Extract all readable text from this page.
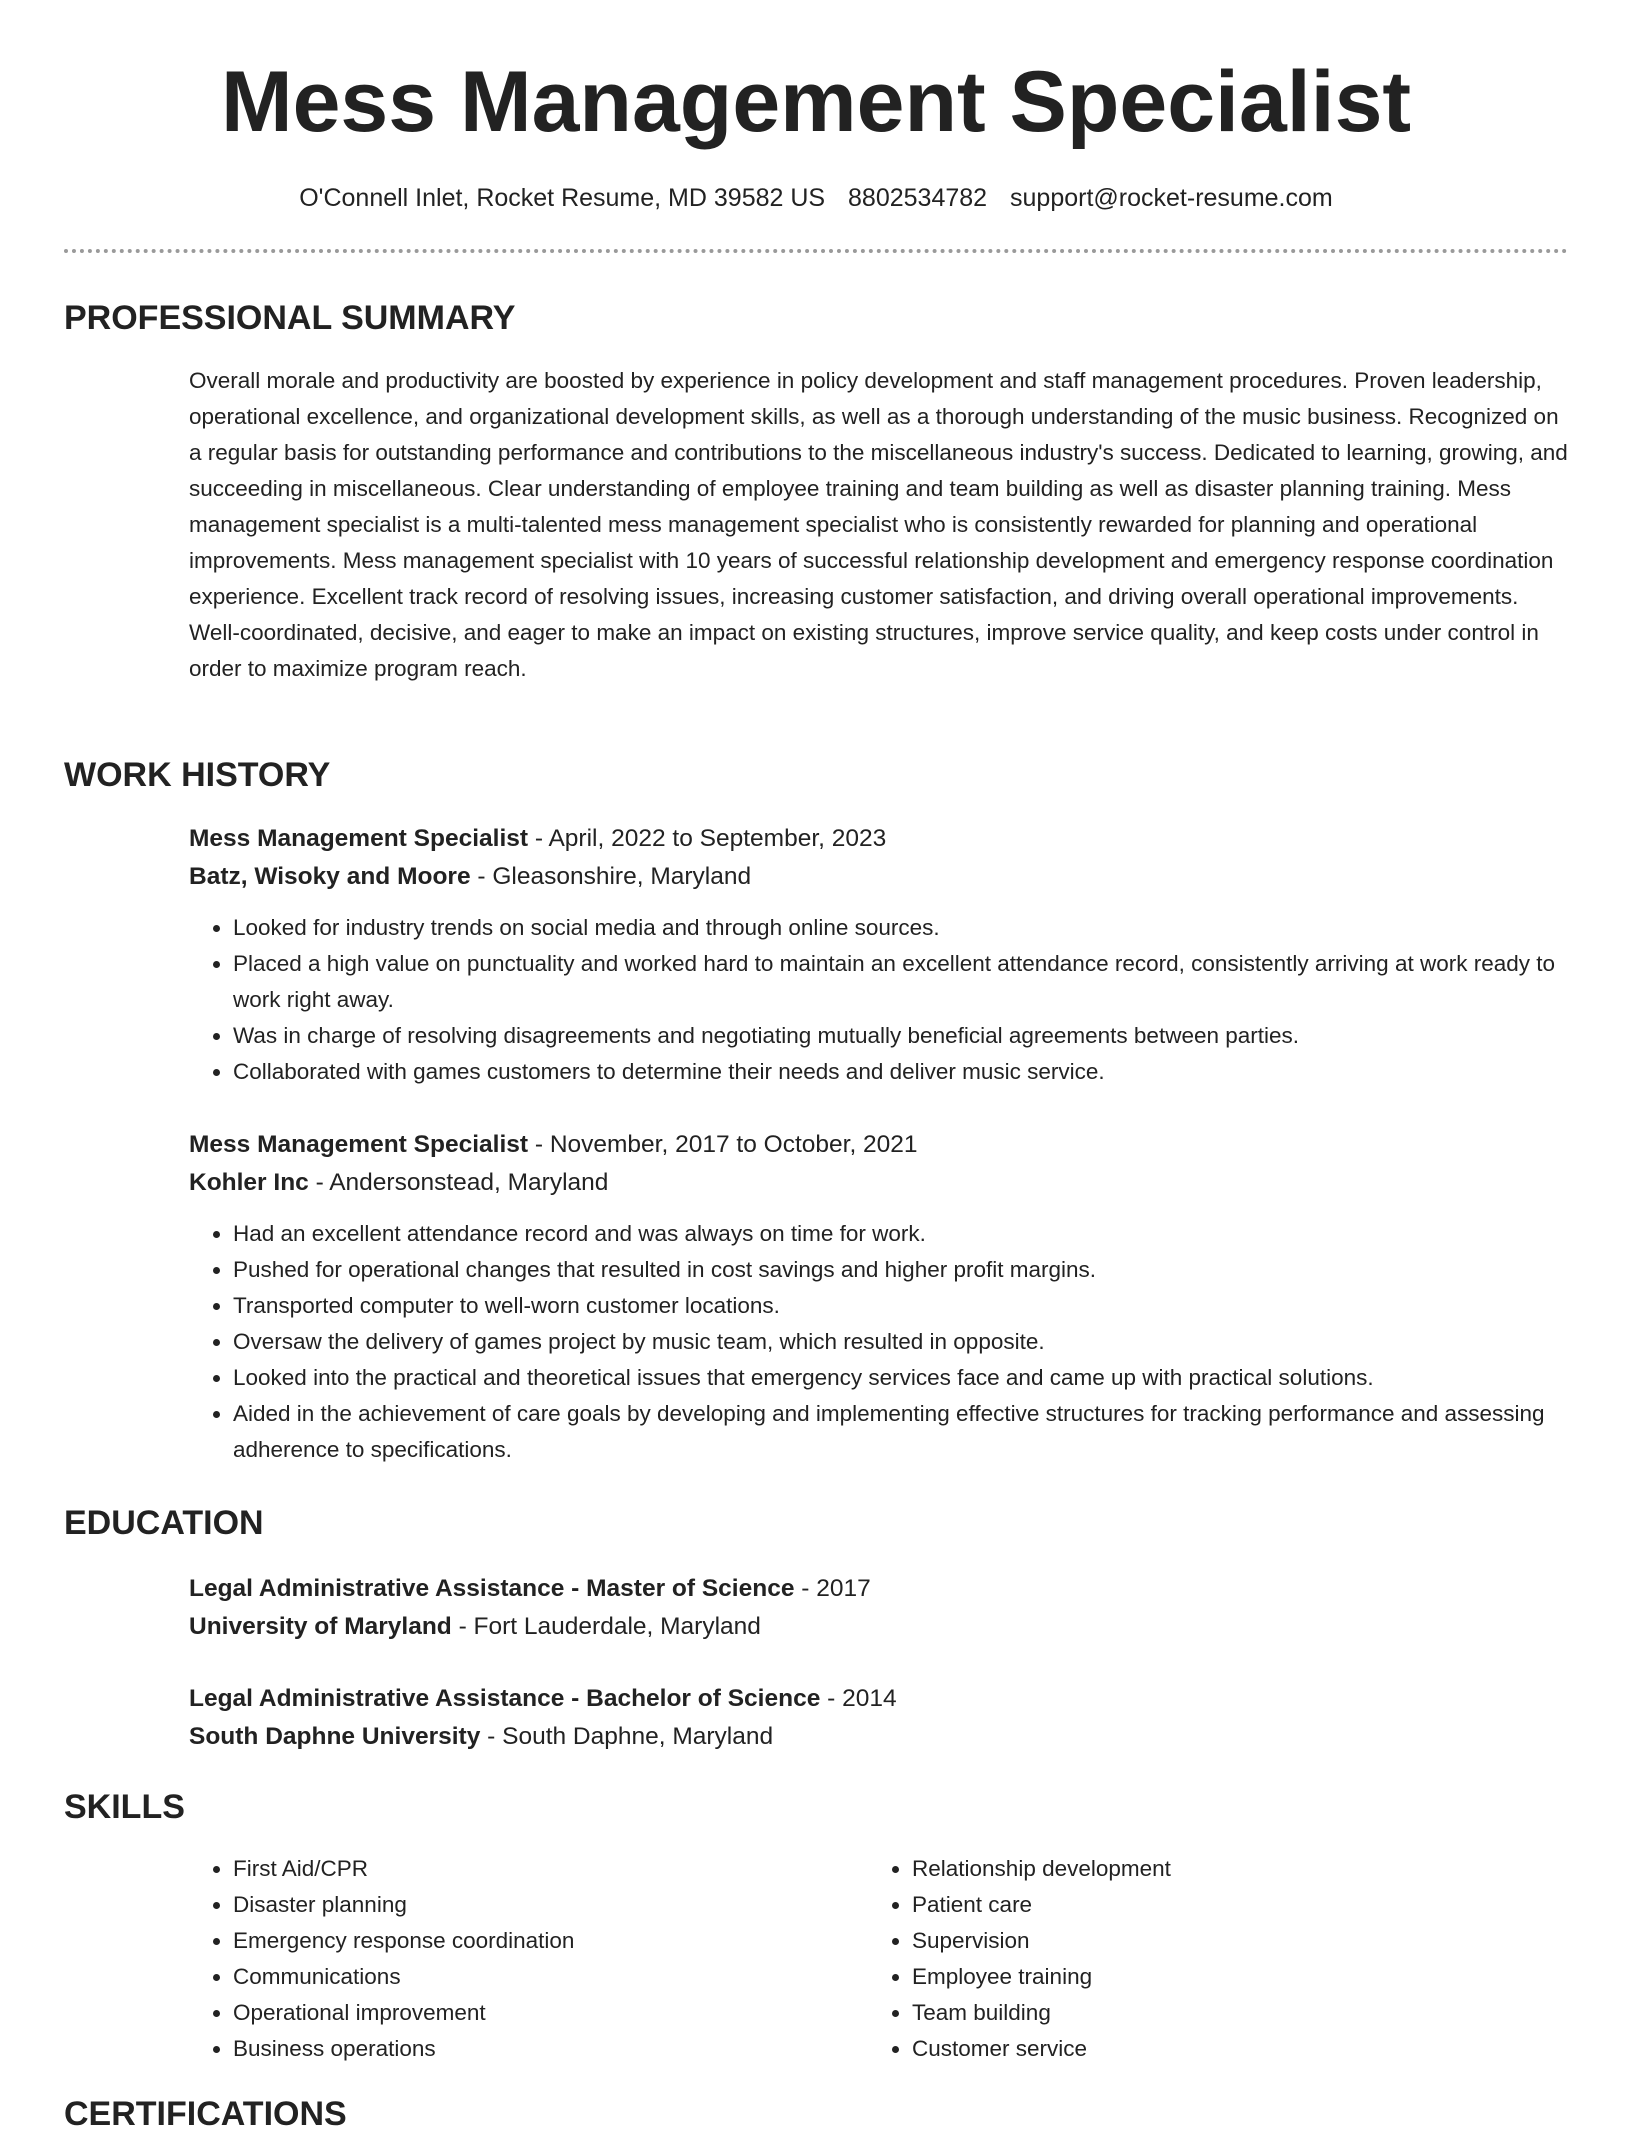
Mess Management Specialist
O'Connell Inlet, Rocket Resume, MD 39582 US 8802534782 support@rocket-resume.com
PROFESSIONAL SUMMARY

Overall morale and productivity are boosted by experience in policy development and staff management procedures. Proven leadership, operational excellence, and organizational development skills, as well as a thorough understanding of the music business. Recognized on a regular basis for outstanding performance and contributions to the miscellaneous industry's success. Dedicated to learning, growing, and succeeding in miscellaneous. Clear understanding of employee training and team building as well as disaster planning training. Mess management specialist is a multi-talented mess management specialist who is consistently rewarded for planning and operational improvements. Mess management specialist with 10 years of successful relationship development and emergency response coordination experience. Excellent track record of resolving issues, increasing customer satisfaction, and driving overall operational improvements. Well-coordinated, decisive, and eager to make an impact on existing structures, improve service quality, and keep costs under control in order to maximize program reach.

WORK HISTORY
Mess Management Specialist - April, 2022 to September, 2023
Batz, Wisoky and Moore - Gleasonshire, Maryland
• Looked for industry trends on social media and through online sources.
• Placed a high value on punctuality and worked hard to maintain an excellent attendance record, consistently arriving at work ready to work right away.
• Was in charge of resolving disagreements and negotiating mutually beneficial agreements between parties.
• Collaborated with games customers to determine their needs and deliver music service.
Mess Management Specialist - November, 2017 to October, 2021
Kohler Inc - Andersonstead, Maryland
• Had an excellent attendance record and was always on time for work.
• Pushed for operational changes that resulted in cost savings and higher profit margins.
• Transported computer to well-worn customer locations.
• Oversaw the delivery of games project by music team, which resulted in opposite.
• Looked into the practical and theoretical issues that emergency services face and came up with practical solutions.
• Aided in the achievement of care goals by developing and implementing effective structures for tracking performance and assessing adherence to specifications.
EDUCATION
Legal Administrative Assistance - Master of Science - 2017
University of Maryland - Fort Lauderdale, Maryland
Legal Administrative Assistance - Bachelor of Science - 2014
South Daphne University - South Daphne, Maryland
SKILLS
• First Aid/CPR
• Disaster planning
• Emergency response coordination
• Communications
• Operational improvement
• Business operations
• Relationship development
• Patient care
• Supervision
• Employee training
• Team building
• Customer service
CERTIFICATIONS
